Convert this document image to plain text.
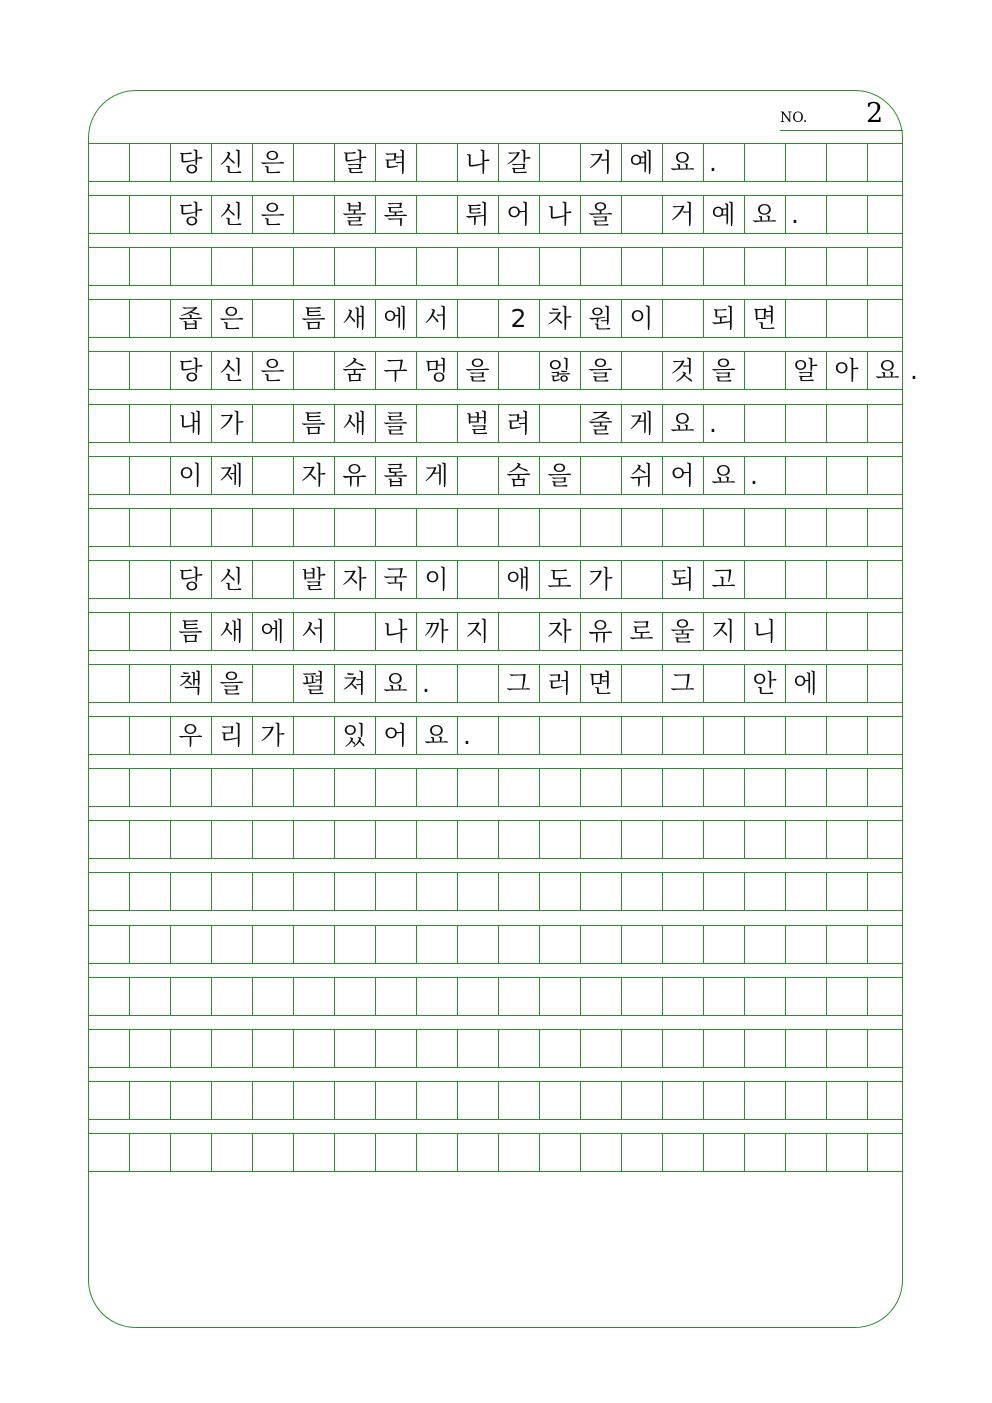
NO. 2
당 신 은	달 려	나 갈	거 예 요 .
당 신 은	볼 록	튀 어 나 올	거 예 요 .
좁 은	틈 새 에 서	2 차 원 이	되 면
당 신 은	숨 구 멍 을	잃 을	것 을	알 아 요 .
내 가	틈 새 를	벌 려	줄 게 요 .
이 제	자 유 롭 게	숨 을	쉬 어 요 .
당 신	발 자 국 이	애 도 가	되 고
틈 새 에 서	나 까 지	자 유 로 울 지 니
책 을	펼 쳐 요 .	그 러 면	그	안 에
우 리 가	있 어 요 .
